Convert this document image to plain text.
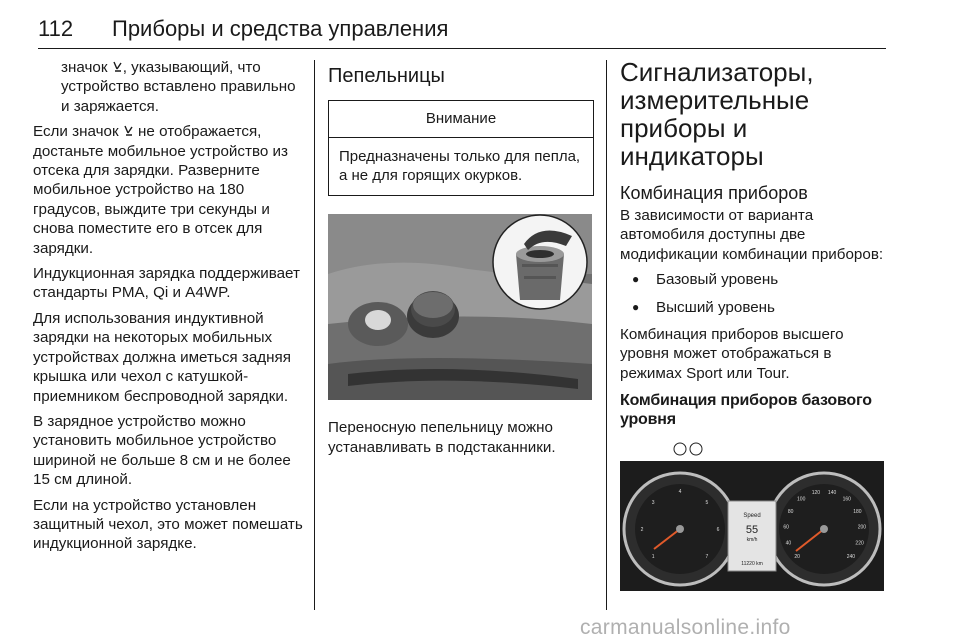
112 Приборы и средства управления

значок , указывающий, что устройство вставлено правильно и заряжается.

Если значок  не отображается, достаньте мобильное устройство из отсека для зарядки. Разверните мобильное устройство на 180 градусов, выждите три секунды и снова поместите его в отсек для зарядки.

Индукционная зарядка поддерживает стандарты PMA, Qi и A4WP.

Для использования индуктивной зарядки на некоторых мобильных устройствах должна иметься задняя крышка или чехол с катушкой-приемником беспроводной зарядки.

В зарядное устройство можно установить мобильное устройство шириной не больше 8 см и не более 15 см длиной.

Если на устройство установлен защитный чехол, это может помешать индукционной зарядке.

Пепельницы
Внимание
Предназначены только для пепла, а не для горящих окурков.

Переносную пепельницу можно устанавливать в подстаканники.

Сигнализаторы, измерительные приборы и индикаторы
Комбинация приборов

В зависимости от варианта автомобиля доступны две модификации комбинации приборов:

● Базовый уровень
● Высший уровень

Комбинация приборов высшего уровня может отображаться в режимах Sport или Tour.

Комбинация приборов базового уровня
Speed
55
km/h
11220 km
20
40
60
80
100
120 140
160
180
200
220
240
1
2
3
4
5
6
7
carmanualsonline.info
